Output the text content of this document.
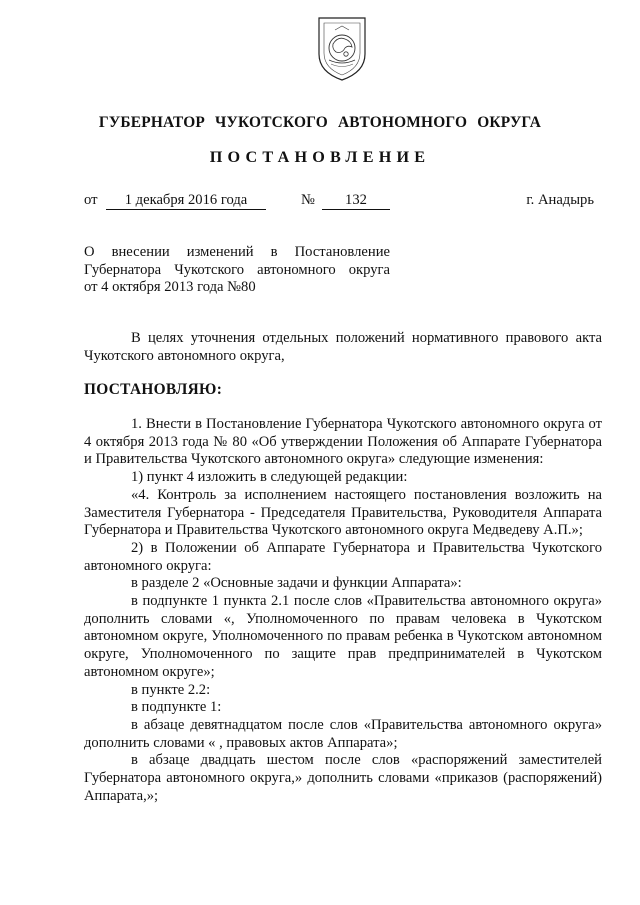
ГУБЕРНАТОР ЧУКОТСКОГО АВТОНОМНОГО ОКРУГА
ПОСТАНОВЛЕНИЕ
от	1 декабря 2016 года	№	132	г. Анадырь
О внесении изменений в Постановление
Губернатора Чукотского автономного округа
от 4 октября 2013 года №80

В целях уточнения отдельных положений нормативного правового акта Чукотского автономного округа,

ПОСТАНОВЛЯЮ:

1. Внести в Постановление Губернатора Чукотского автономного округа от 4 октября 2013 года № 80 «Об утверждении Положения об Аппарате Губернатора и Правительства Чукотского автономного округа» следующие изменения:

1) пункт 4 изложить в следующей редакции:

«4. Контроль за исполнением настоящего постановления возложить на Заместителя Губернатора - Председателя Правительства, Руководителя Аппарата Губернатора и Правительства Чукотского автономного округа Медведеву А.П.»;

2) в Положении об Аппарате Губернатора и Правительства Чукотского автономного округа:

в разделе 2 «Основные задачи и функции Аппарата»:

в подпункте 1 пункта 2.1 после слов «Правительства автономного округа» дополнить словами «, Уполномоченного по правам человека в Чукотском автономном округе, Уполномоченного по правам ребенка в Чукотском автономном округе, Уполномоченного по защите прав предпринимателей в Чукотском автономном округе»;

в пункте 2.2:

в подпункте 1:

в абзаце девятнадцатом после слов «Правительства автономного округа» дополнить словами « , правовых актов Аппарата»;

в абзаце двадцать шестом после слов «распоряжений заместителей Губернатора автономного округа,» дополнить словами «приказов (распоряжений) Аппарата,»;
